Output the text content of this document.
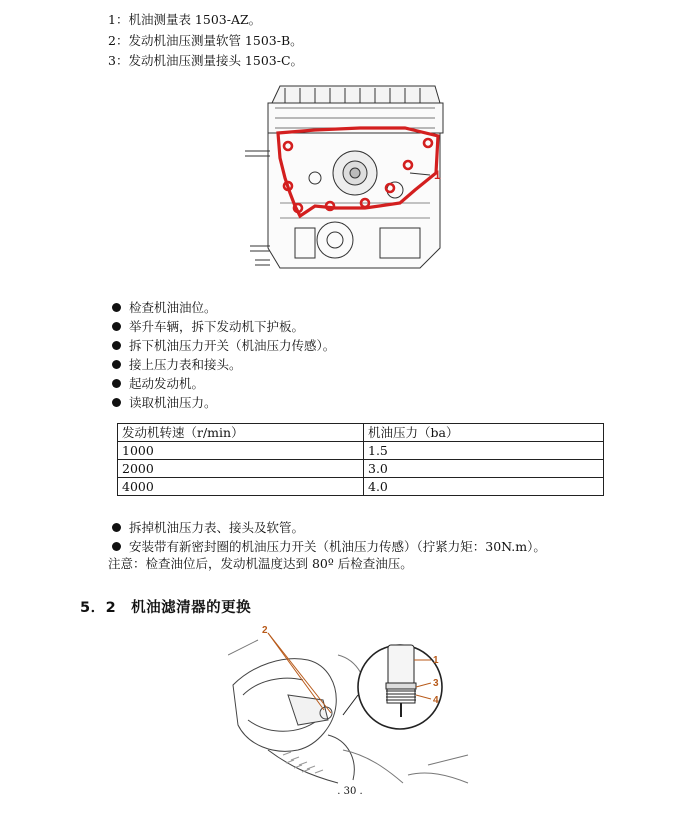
1：机油测量表 1503-AZ。
2：发动机油压测量软管 1503-B。
3：发动机油压测量接头 1503-C。
1
检查机油油位。
举升车辆，拆下发动机下护板。
拆下机油压力开关（机油压力传感）。
接上压力表和接头。
起动发动机。
读取机油压力。
发动机转速（r/min）	机油压力（ba）
1000	1.5
2000	3.0
4000	4.0
拆掉机油压力表、接头及软管。
安装带有新密封圈的机油压力开关（机油压力传感）（拧紧力矩：30N.m）。
注意：检查油位后，发动机温度达到 80º 后检查油压。
5．2　机油滤清器的更换
2
1
3
4
. 30 .
